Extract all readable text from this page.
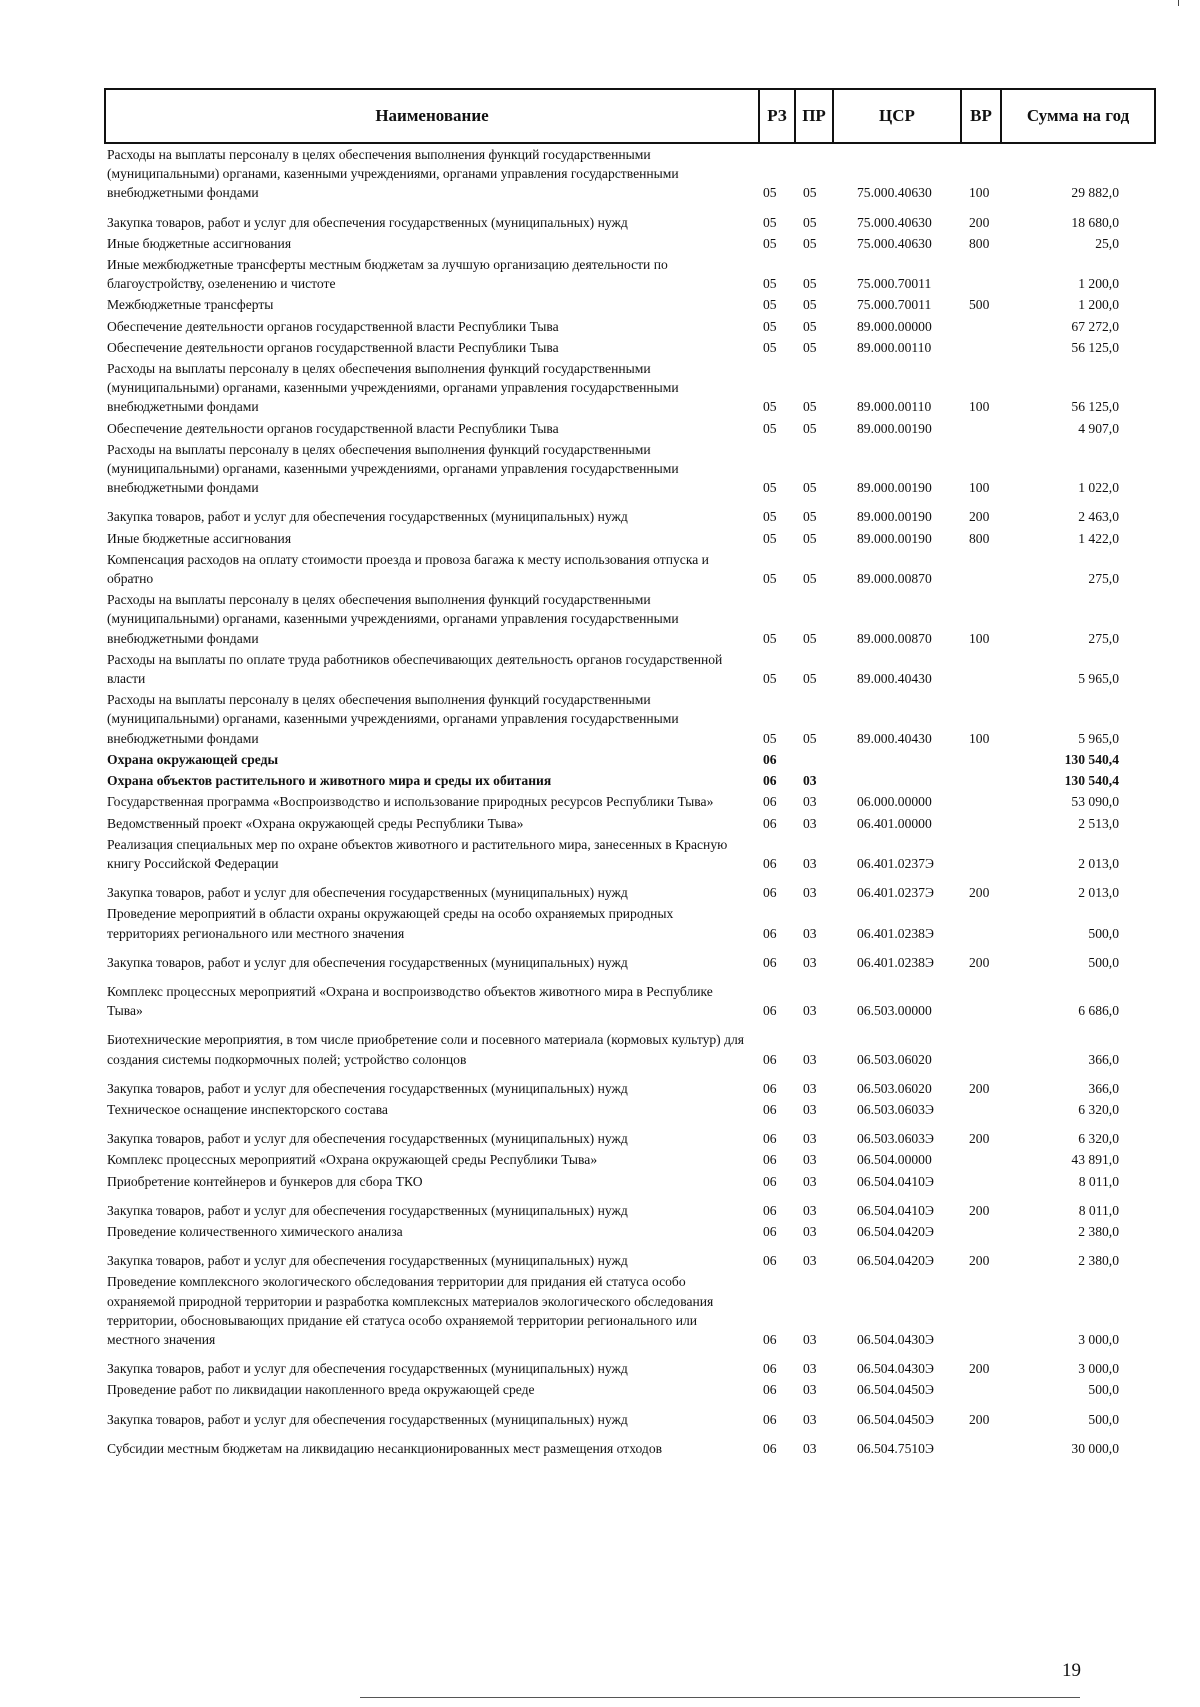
Наименование	РЗ	ПР	ЦСР	ВР	Сумма на год
Расходы на выплаты персоналу в целях обеспечения выполнения функций государственными (муниципальными) органами, казенными учреждениями, органами управления государственными внебюджетными фондами	05	05	75.000.40630	100	29 882,0
Закупка товаров, работ и услуг для обеспечения государственных (муниципальных) нужд	05	05	75.000.40630	200	18 680,0
Иные бюджетные ассигнования	05	05	75.000.40630	800	25,0
Иные межбюджетные трансферты местным бюджетам за лучшую организацию деятельности по благоустройству, озеленению и чистоте	05	05	75.000.70011		1 200,0
Межбюджетные трансферты	05	05	75.000.70011	500	1 200,0
Обеспечение деятельности органов государственной власти Республики Тыва	05	05	89.000.00000		67 272,0
Обеспечение деятельности органов государственной власти Республики Тыва	05	05	89.000.00110		56 125,0
Расходы на выплаты персоналу в целях обеспечения выполнения функций государственными (муниципальными) органами, казенными учреждениями, органами управления государственными внебюджетными фондами	05	05	89.000.00110	100	56 125,0
Обеспечение деятельности органов государственной власти Республики Тыва	05	05	89.000.00190		4 907,0
Расходы на выплаты персоналу в целях обеспечения выполнения функций государственными (муниципальными) органами, казенными учреждениями, органами управления государственными внебюджетными фондами	05	05	89.000.00190	100	1 022,0
Закупка товаров, работ и услуг для обеспечения государственных (муниципальных) нужд	05	05	89.000.00190	200	2 463,0
Иные бюджетные ассигнования	05	05	89.000.00190	800	1 422,0
Компенсация расходов на оплату стоимости проезда и провоза багажа к месту использования отпуска и обратно	05	05	89.000.00870		275,0
Расходы на выплаты персоналу в целях обеспечения выполнения функций государственными (муниципальными) органами, казенными учреждениями, органами управления государственными внебюджетными фондами	05	05	89.000.00870	100	275,0
Расходы на выплаты по оплате труда работников обеспечивающих деятельность органов государственной власти	05	05	89.000.40430		5 965,0
Расходы на выплаты персоналу в целях обеспечения выполнения функций государственными (муниципальными) органами, казенными учреждениями, органами управления государственными внебюджетными фондами	05	05	89.000.40430	100	5 965,0
Охрана окружающей среды	06				130 540,4
Охрана объектов растительного и животного мира и среды их обитания	06	03			130 540,4
Государственная программа «Воспроизводство и использование природных ресурсов Республики Тыва»	06	03	06.000.00000		53 090,0
Ведомственный проект «Охрана окружающей среды Республики Тыва»	06	03	06.401.00000		2 513,0
Реализация специальных мер по охране объектов животного и растительного мира, занесенных в Красную книгу Российской Федерации	06	03	06.401.0237Э		2 013,0
Закупка товаров, работ и услуг для обеспечения государственных (муниципальных) нужд	06	03	06.401.0237Э	200	2 013,0
Проведение мероприятий в области охраны окружающей среды на особо охраняемых природных территориях регионального или местного значения	06	03	06.401.0238Э		500,0
Закупка товаров, работ и услуг для обеспечения государственных (муниципальных) нужд	06	03	06.401.0238Э	200	500,0
Комплекс процессных мероприятий «Охрана и воспроизводство объектов животного мира в Республике Тыва»	06	03	06.503.00000		6 686,0
Биотехнические мероприятия, в том числе приобретение соли и посевного материала (кормовых культур) для создания системы подкормочных полей; устройство солонцов	06	03	06.503.06020		366,0
Закупка товаров, работ и услуг для обеспечения государственных (муниципальных) нужд	06	03	06.503.06020	200	366,0
Техническое оснащение инспекторского состава	06	03	06.503.0603Э		6 320,0
Закупка товаров, работ и услуг для обеспечения государственных (муниципальных) нужд	06	03	06.503.0603Э	200	6 320,0
Комплекс процессных мероприятий «Охрана окружающей среды Республики Тыва»	06	03	06.504.00000		43 891,0
Приобретение контейнеров и бункеров для сбора ТКО	06	03	06.504.0410Э		8 011,0
Закупка товаров, работ и услуг для обеспечения государственных (муниципальных) нужд	06	03	06.504.0410Э	200	8 011,0
Проведение количественного химического анализа	06	03	06.504.0420Э		2 380,0
Закупка товаров, работ и услуг для обеспечения государственных (муниципальных) нужд	06	03	06.504.0420Э	200	2 380,0
Проведение комплексного экологического обследования территории для придания ей статуса особо охраняемой природной территории и разработка комплексных материалов экологического обследования территории, обосновывающих придание ей статуса особо охраняемой территории регионального или местного значения	06	03	06.504.0430Э		3 000,0
Закупка товаров, работ и услуг для обеспечения государственных (муниципальных) нужд	06	03	06.504.0430Э	200	3 000,0
Проведение работ по ликвидации накопленного вреда окружающей среде	06	03	06.504.0450Э		500,0
Закупка товаров, работ и услуг для обеспечения государственных (муниципальных) нужд	06	03	06.504.0450Э	200	500,0
Субсидии местным бюджетам на ликвидацию несанкционированных мест размещения отходов	06	03	06.504.7510Э		30 000,0
19
